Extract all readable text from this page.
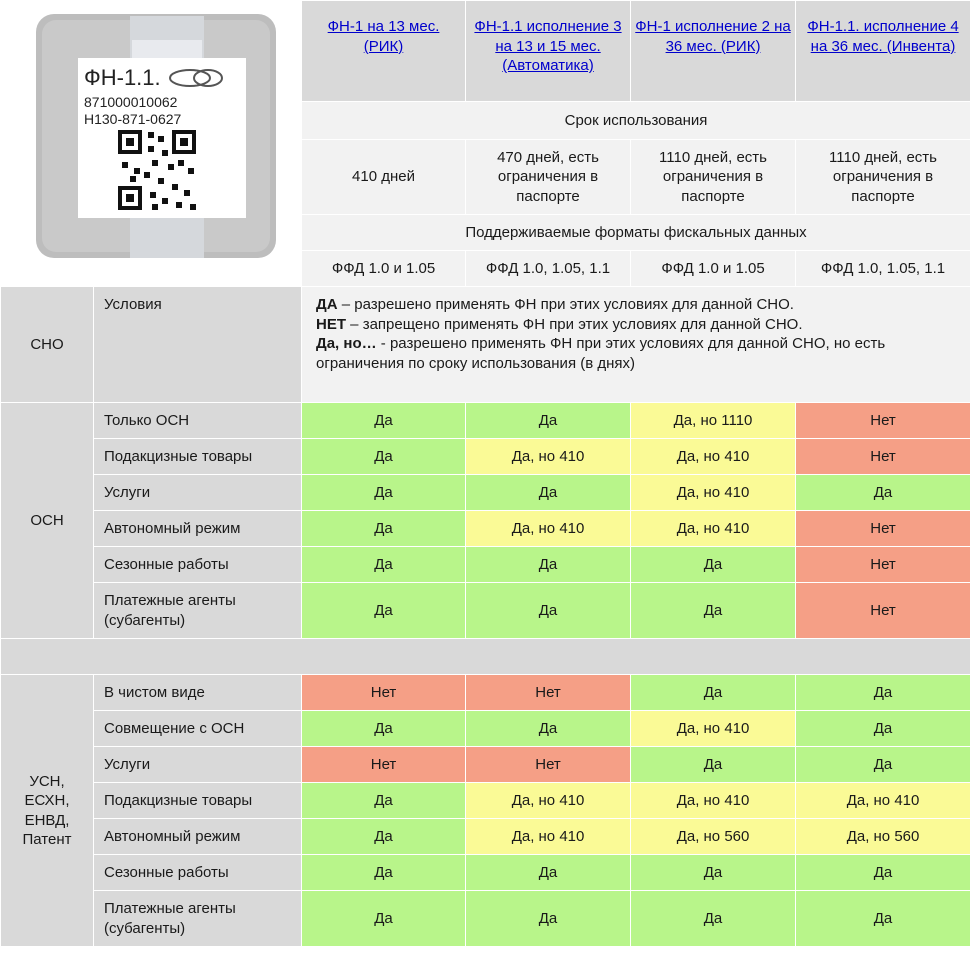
		ФН-1 на 13 мес. (РИК)	ФН-1.1 исполнение 3 на 13 и 15 мес. (Автоматика)	ФН-1 исполнение 2 на 36 мес. (РИК)	ФН-1.1. исполнение 4 на 36 мес. (Инвента)
		Срок использования			
		410 дней	470 дней, есть ограничения в паспорте	1110 дней, есть ограничения в паспорте	1110 дней, есть ограничения в паспорте
		Поддерживаемые форматы фискальных данных			
		ФФД 1.0 и 1.05	ФФД 1.0, 1.05, 1.1	ФФД 1.0 и 1.05	ФФД 1.0, 1.05, 1.1
СНО	Условия	ДА – разрешено применять ФН при этих условиях для данной СНО.
НЕТ – запрещено применять ФН при этих условиях для данной СНО.
Да, но… - разрешено применять ФН при этих условиях для данной СНО, но есть ограничения по сроку использования (в днях)			

ОСН	Только ОСН	Да	Да	Да, но 1110	Нет
	Подакцизные товары	Да	Да, но 410	Да, но 410	Нет
	Услуги	Да	Да	Да, но 410	Да
	Автономный режим	Да	Да, но 410	Да, но 410	Нет
	Сезонные работы	Да	Да	Да	Нет
	Платежные агенты (субагенты)	Да	Да	Да	Нет

УСН, ЕСХН, ЕНВД, Патент	В чистом виде	Нет	Нет	Да	Да
	Совмещение с ОСН	Да	Да	Да, но 410	Да
	Услуги	Нет	Нет	Да	Да
	Подакцизные товары	Да	Да, но 410	Да, но 410	Да, но 410
	Автономный режим	Да	Да, но 410	Да, но 560	Да, но 560
	Сезонные работы	Да	Да	Да	Да
	Платежные агенты (субагенты)	Да	Да	Да	Да
ФН-1.1.
871000010062
H130-871-0627
